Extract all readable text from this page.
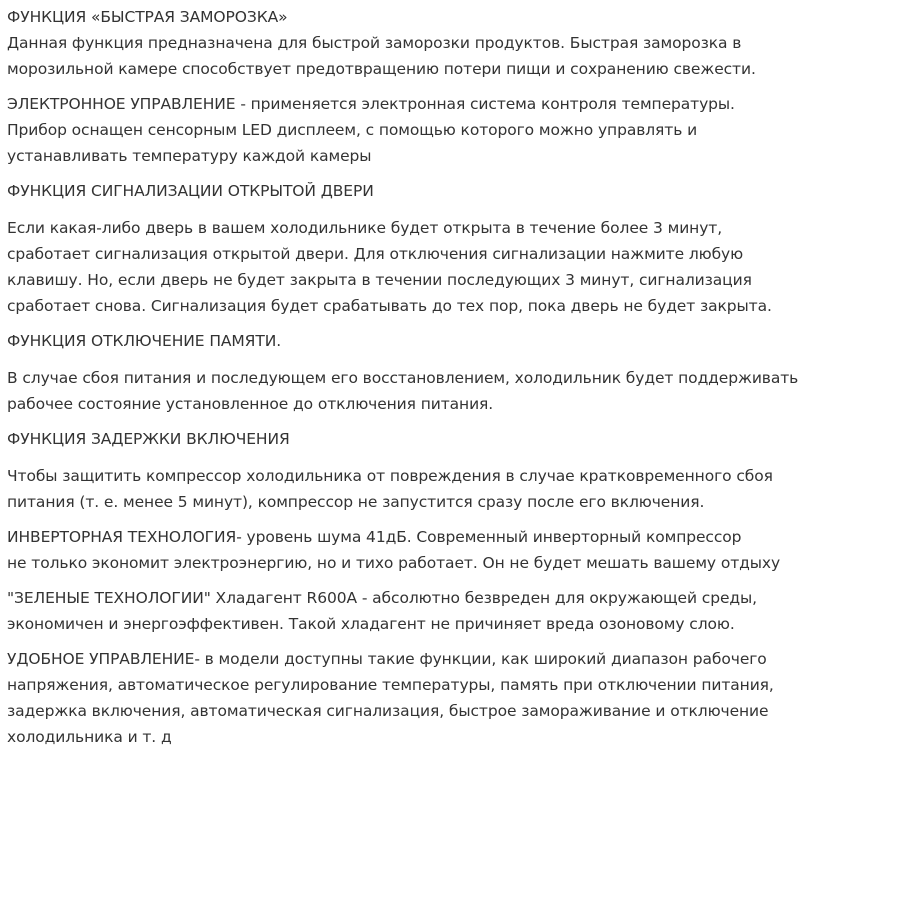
ФУНКЦИЯ «БЫСТРАЯ ЗАМОРОЗКА»
Данная функция предназначена для быстрой заморозки продуктов. Быстрая заморозка в
морозильной камере способствует предотвращению потери пищи и сохранению свежести.
ЭЛЕКТРОННОЕ УПРАВЛЕНИЕ - применяется электронная система контроля температуры.
Прибор оснащен сенсорным LED дисплеем, с помощью которого можно управлять и
устанавливать температуру каждой камеры
ФУНКЦИЯ СИГНАЛИЗАЦИИ ОТКРЫТОЙ ДВЕРИ
Если какая-либо дверь в вашем холодильнике будет открыта в течение более 3 минут,
сработает сигнализация открытой двери. Для отключения сигнализации нажмите любую
клавишу. Но, если дверь не будет закрыта в течении последующих 3 минут, сигнализация
сработает снова. Сигнализация будет срабатывать до тех пор, пока дверь не будет закрыта.
ФУНКЦИЯ ОТКЛЮЧЕНИЕ ПАМЯТИ.
В случае сбоя питания и последующем его восстановлением, холодильник будет поддерживать
рабочее состояние установленное до отключения питания.
ФУНКЦИЯ ЗАДЕРЖКИ ВКЛЮЧЕНИЯ
Чтобы защитить компрессор холодильника от повреждения в случае кратковременного сбоя
питания (т. е. менее 5 минут), компрессор не запустится сразу после его включения.
ИНВЕРТОРНАЯ ТЕХНОЛОГИЯ- уровень шума 41дБ. Современный инверторный компрессор
не только экономит электроэнергию, но и тихо работает. Он не будет мешать вашему отдыху
"ЗЕЛЕНЫЕ ТЕХНОЛОГИИ" Хладагент R600A - абсолютно безвреден для окружающей среды,
экономичен и энергоэффективен. Такой хладагент не причиняет вреда озоновому слою.
УДОБНОЕ УПРАВЛЕНИЕ- в модели доступны такие функции, как широкий диапазон рабочего
напряжения, автоматическое регулирование температуры, память при отключении питания,
задержка включения, автоматическая сигнализация, быстрое замораживание и отключение
холодильника и т. д
